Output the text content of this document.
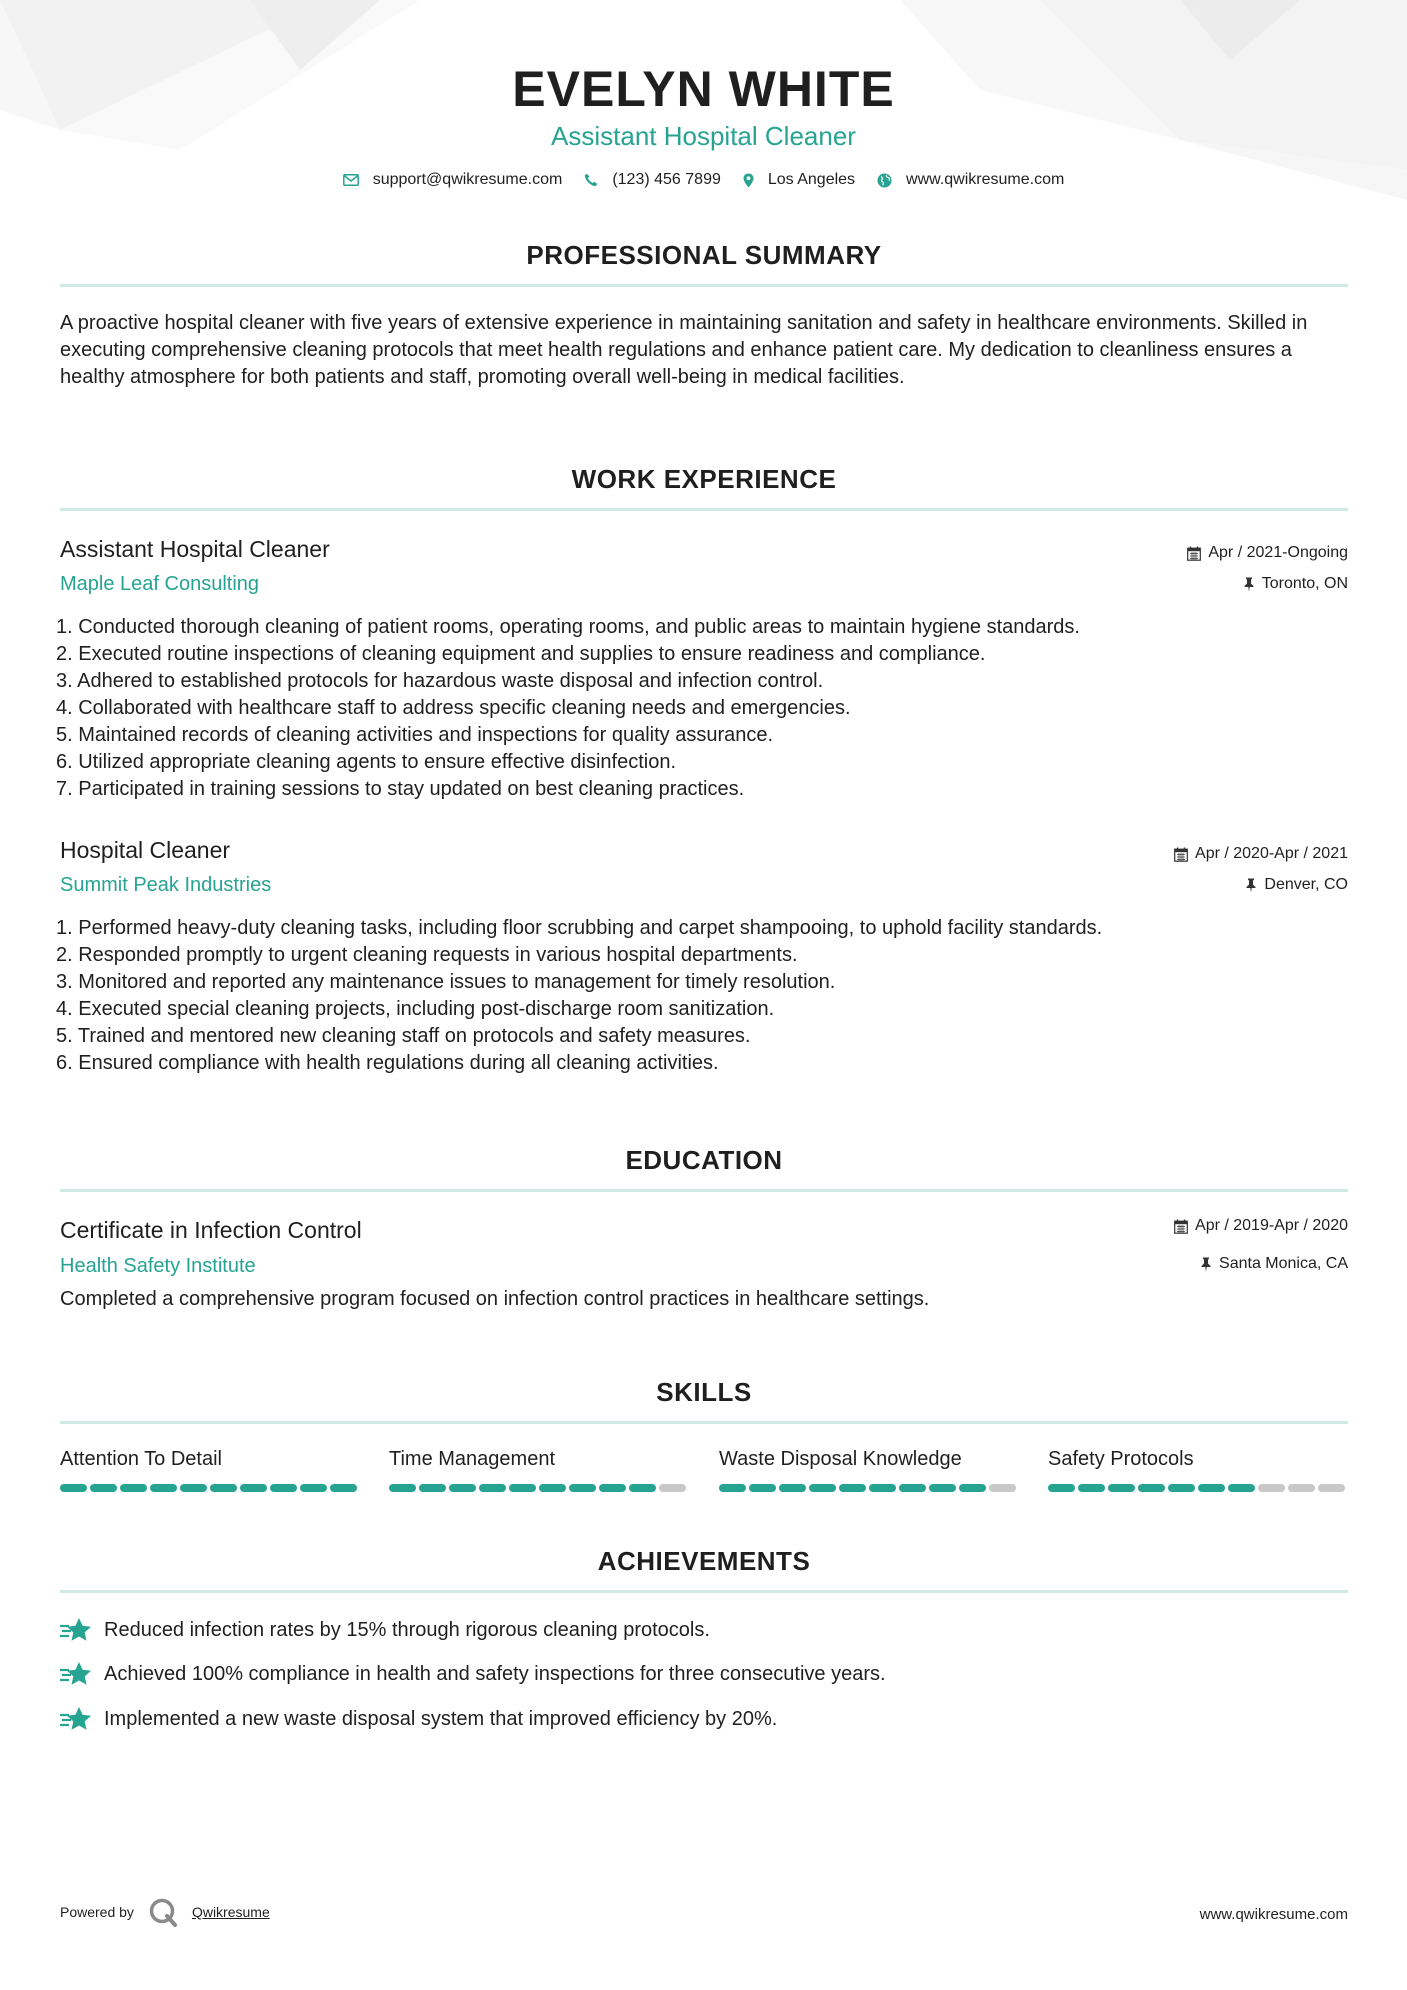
EVELYN WHITE
Assistant Hospital Cleaner
support@qwikresume.com	(123) 456 7899	Los Angeles	www.qwikresume.com
PROFESSIONAL SUMMARY
A proactive hospital cleaner with five years of extensive experience in maintaining sanitation and safety in healthcare environments. Skilled in executing comprehensive cleaning protocols that meet health regulations and enhance patient care. My dedication to cleanliness ensures a healthy atmosphere for both patients and staff, promoting overall well-being in medical facilities.
WORK EXPERIENCE
Assistant Hospital Cleaner
Maple Leaf Consulting
Apr / 2021-Ongoing
Toronto, ON
1. Conducted thorough cleaning of patient rooms, operating rooms, and public areas to maintain hygiene standards.
2. Executed routine inspections of cleaning equipment and supplies to ensure readiness and compliance.
3. Adhered to established protocols for hazardous waste disposal and infection control.
4. Collaborated with healthcare staff to address specific cleaning needs and emergencies.
5. Maintained records of cleaning activities and inspections for quality assurance.
6. Utilized appropriate cleaning agents to ensure effective disinfection.
7. Participated in training sessions to stay updated on best cleaning practices.
Hospital Cleaner
Summit Peak Industries
Apr / 2020-Apr / 2021
Denver, CO
1. Performed heavy-duty cleaning tasks, including floor scrubbing and carpet shampooing, to uphold facility standards.
2. Responded promptly to urgent cleaning requests in various hospital departments.
3. Monitored and reported any maintenance issues to management for timely resolution.
4. Executed special cleaning projects, including post-discharge room sanitization.
5. Trained and mentored new cleaning staff on protocols and safety measures.
6. Ensured compliance with health regulations during all cleaning activities.
EDUCATION
Certificate in Infection Control
Health Safety Institute
Apr / 2019-Apr / 2020
Santa Monica, CA
Completed a comprehensive program focused on infection control practices in healthcare settings.
SKILLS
Attention To Detail	Time Management	Waste Disposal Knowledge	Safety Protocols
ACHIEVEMENTS
Reduced infection rates by 15% through rigorous cleaning protocols.
Achieved 100% compliance in health and safety inspections for three consecutive years.
Implemented a new waste disposal system that improved efficiency by 20%.
Powered by	Qwikresume	www.qwikresume.com
